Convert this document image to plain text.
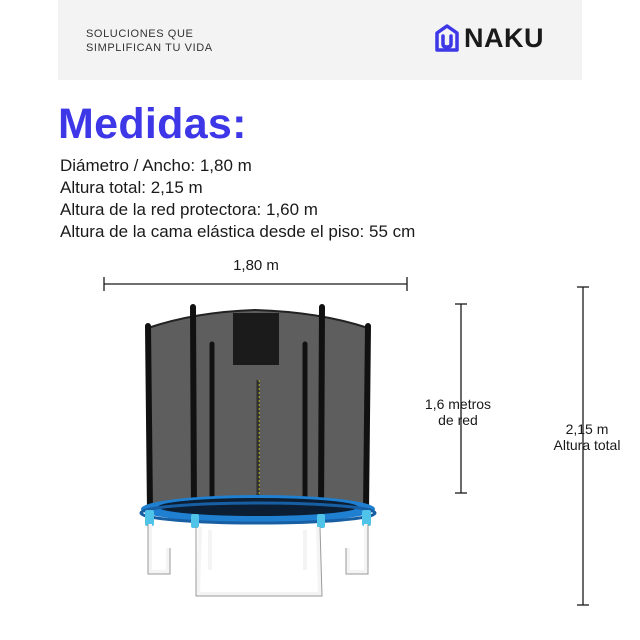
SOLUCIONES QUE
SIMPLIFICAN TU VIDA	NAKU
Medidas:
Diámetro / Ancho: 1,80 m
Altura total: 2,15 m
Altura de la red protectora: 1,60 m
Altura de la cama elástica desde el piso: 55 cm
1,80 m
1,6 metros
de red
2,15 m
Altura total
